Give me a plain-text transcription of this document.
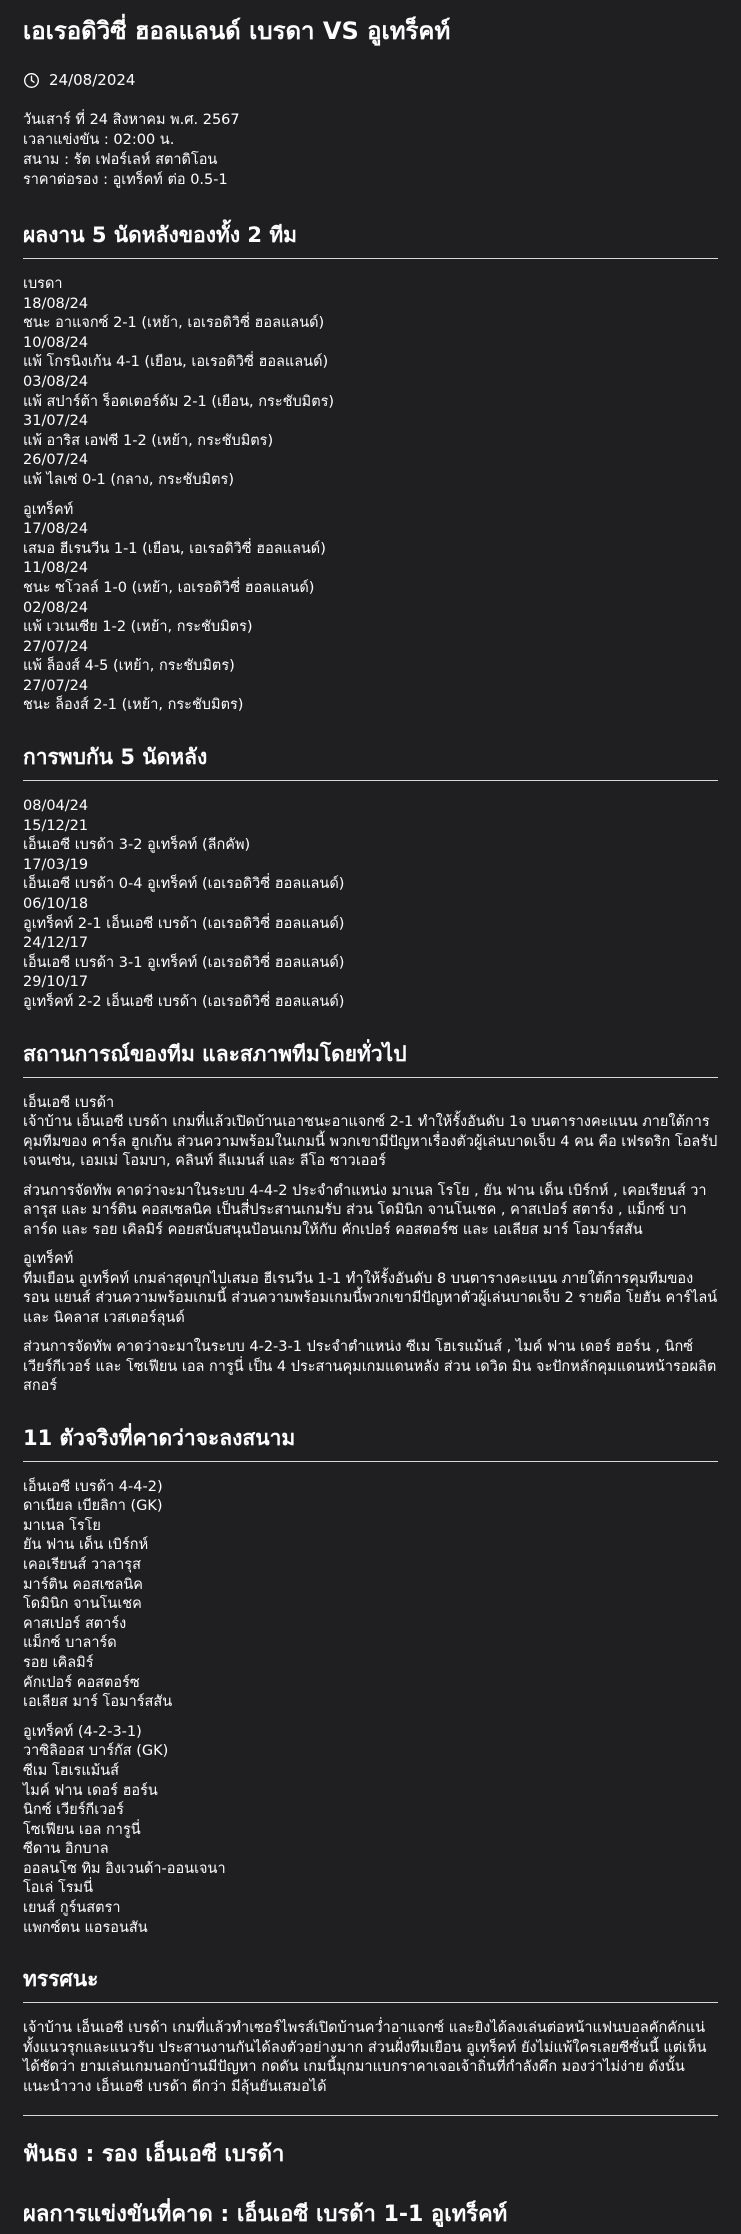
เอเรอดิวิซี่ ฮอลแลนด์ เบรดา VS อูเทร็คท์
24/08/2024
วันเสาร์ ที่ 24 สิงหาคม พ.ศ. 2567
เวลาแข่งขัน : 02:00 น.
สนาม : รัต เฟอร์เลห์ สตาดิโอน
ราคาต่อรอง : อูเทร็คท์ ต่อ 0.5-1
ผลงาน 5 นัดหลังของทั้ง 2 ทีม
เบรดา
18/08/24
ชนะ อาแจกซ์ 2-1 (เหย้า, เอเรอดิวิซี่ ฮอลแลนด์)
10/08/24
แพ้ โกรนิงเก้น 4-1 (เยือน, เอเรอดิวิซี่ ฮอลแลนด์)
03/08/24
แพ้ สปาร์ต้า ร็อตเตอร์ดัม 2-1 (เยือน, กระชับมิตร)
31/07/24
แพ้ อาริส เอฟซี 1-2 (เหย้า, กระชับมิตร)
26/07/24
แพ้ ไลเซ่ 0-1 (กลาง, กระชับมิตร)
อูเทร็คท์
17/08/24
เสมอ ฮีเรนวีน 1-1 (เยือน, เอเรอดิวิซี่ ฮอลแลนด์)
11/08/24
ชนะ ซโวลล์ 1-0 (เหย้า, เอเรอดิวิซี่ ฮอลแลนด์)
02/08/24
แพ้ เวเนเซีย 1-2 (เหย้า, กระชับมิตร)
27/07/24
แพ้ ล็องส์ 4-5 (เหย้า, กระชับมิตร)
27/07/24
ชนะ ล็องส์ 2-1 (เหย้า, กระชับมิตร)
การพบกัน 5 นัดหลัง
08/04/24
15/12/21
เอ็นเอซี เบรด้า 3-2 อูเทร็คท์ (ลีกคัพ)
17/03/19
เอ็นเอซี เบรด้า 0-4 อูเทร็คท์ (เอเรอดิวิซี่ ฮอลแลนด์)
06/10/18
อูเทร็คท์ 2-1 เอ็นเอซี เบรด้า (เอเรอดิวิซี่ ฮอลแลนด์)
24/12/17
เอ็นเอซี เบรด้า 3-1 อูเทร็คท์ (เอเรอดิวิซี่ ฮอลแลนด์)
29/10/17
อูเทร็คท์ 2-2 เอ็นเอซี เบรด้า (เอเรอดิวิซี่ ฮอลแลนด์)
สถานการณ์ของทีม และสภาพทีมโดยทั่วไป
เอ็นเอซี เบรด้า

เจ้าบ้าน เอ็นเอซี เบรด้า เกมที่แล้วเปิดบ้านเอาชนะอาแจกซ์ 2-1 ทำให้รั้งอันดับ 1จ บนตารางคะแนน ภายใต้การคุมทีมของ คาร์ล ฮูกเก้น ส่วนความพร้อมในเกมนี้ พวกเขามีปัญหาเรื่องตัวผู้เล่นบาดเจ็บ 4 คน คือ เฟรดริก โอลรัป เจนเซ่น, เอมเม่ โอมบา, คลินท์ ลีแมนส์ และ ลีโอ ซาวเออร์

ส่วนการจัดทัพ คาดว่าจะมาในระบบ 4-4-2 ประจำตำแหน่ง มาเนล โรโย , ยัน ฟาน เด็น เบิร์กห์ , เคอเรียนส์ วาลารุส และ มาร์ติน คอสเซลนิค เป็นสี่ประสานเกมรับ ส่วน โดมินิก จานโนเชค , คาสเปอร์ สตาร์ง , แม็กซ์ บาลาร์ด และ รอย เคิลมิร์ คอยสนับสนุนป้อนเกมให้กับ คักเปอร์ คอสตอร์ซ และ เอเลียส มาร์ โอมาร์สสัน

อูเทร็คท์

ทีมเยือน อูเทร็คท์ เกมล่าสุดบุกไปเสมอ ฮีเรนวีน 1-1 ทำให้รั้งอันดับ 8 บนตารางคะแนน ภายใต้การคุมทีมของ รอน แยนส์ ส่วนความพร้อมเกมนี้ ส่วนความพร้อมเกมนี้พวกเขามีปัญหาตัวผู้เล่นบาดเจ็บ 2 รายคือ โยฮัน คาร์ไลน์ และ นิคลาส เวสเตอร์ลุนด์

ส่วนการจัดทัพ คาดว่าจะมาในระบบ 4-2-3-1 ประจำตำแหน่ง ซีเม โฮเรแม้นส์ , ไมค์ ฟาน เดอร์ ฮอร์น , นิกซ์ เวียร์กีเวอร์ และ โซเฟียน เอล การูนี่ เป็น 4 ประสานคุมเกมแดนหลัง ส่วน เดวิด มิน จะปักหลักคุมแดนหน้ารอผลิตสกอร์

11 ตัวจริงที่คาดว่าจะลงสนาม
เอ็นเอซี เบรด้า 4-4-2)
ดาเนียล เบียลิกา (GK)
มาเนล โรโย
ยัน ฟาน เด็น เบิร์กห์
เคอเรียนส์ วาลารุส
มาร์ติน คอสเซลนิค
โดมินิก จานโนเชค
คาสเปอร์ สตาร์ง
แม็กซ์ บาลาร์ด
รอย เคิลมิร์
คักเปอร์ คอสตอร์ซ
เอเลียส มาร์ โอมาร์สสัน
อูเทร็คท์ (4-2-3-1)
วาซิลิออส บาร์กัส (GK)
ซีเม โฮเรแม้นส์
ไมค์ ฟาน เดอร์ ฮอร์น
นิกซ์ เวียร์กีเวอร์
โซเฟียน เอล การูนี่
ซีดาน อิกบาล
ออลนโซ ทิม อิงเวนด้า-ออนเจนา
โอเล่ โรมนี่
เยนส์ กูร์นสตรา
แพกซ์ตน แอรอนสัน
ทรรศนะ

เจ้าบ้าน เอ็นเอซี เบรด้า เกมที่แล้วทำเซอร์ไพรส์เปิดบ้านคว่ำอาแจกซ์ และยิงได้ลงเล่นต่อหน้าแฟนบอลคักคักแน่ ทั้งแนวรุกและแนวรับ ประสานงานกันได้ลงตัวอย่างมาก ส่วนฝั่งทีมเยือน อูเทร็คท์ ยังไม่แพ้ใครเลยซีซั่นนี้ แต่เห็นได้ชัดว่า ยามเล่นเกมนอกบ้านมีปัญหา กดดัน เกมนี้มุกมาแบกราคาเจอเจ้าถิ่นที่กำลังคึก มองว่าไม่ง่าย ดังนั้นแนะนำวาง เอ็นเอซี เบรด้า ดีกว่า มีลุ้นยันเสมอได้

ฟันธง : รอง เอ็นเอซี เบรด้า

ผลการแข่งขันที่คาด : เอ็นเอซี เบรด้า 1-1 อูเทร็คท์
